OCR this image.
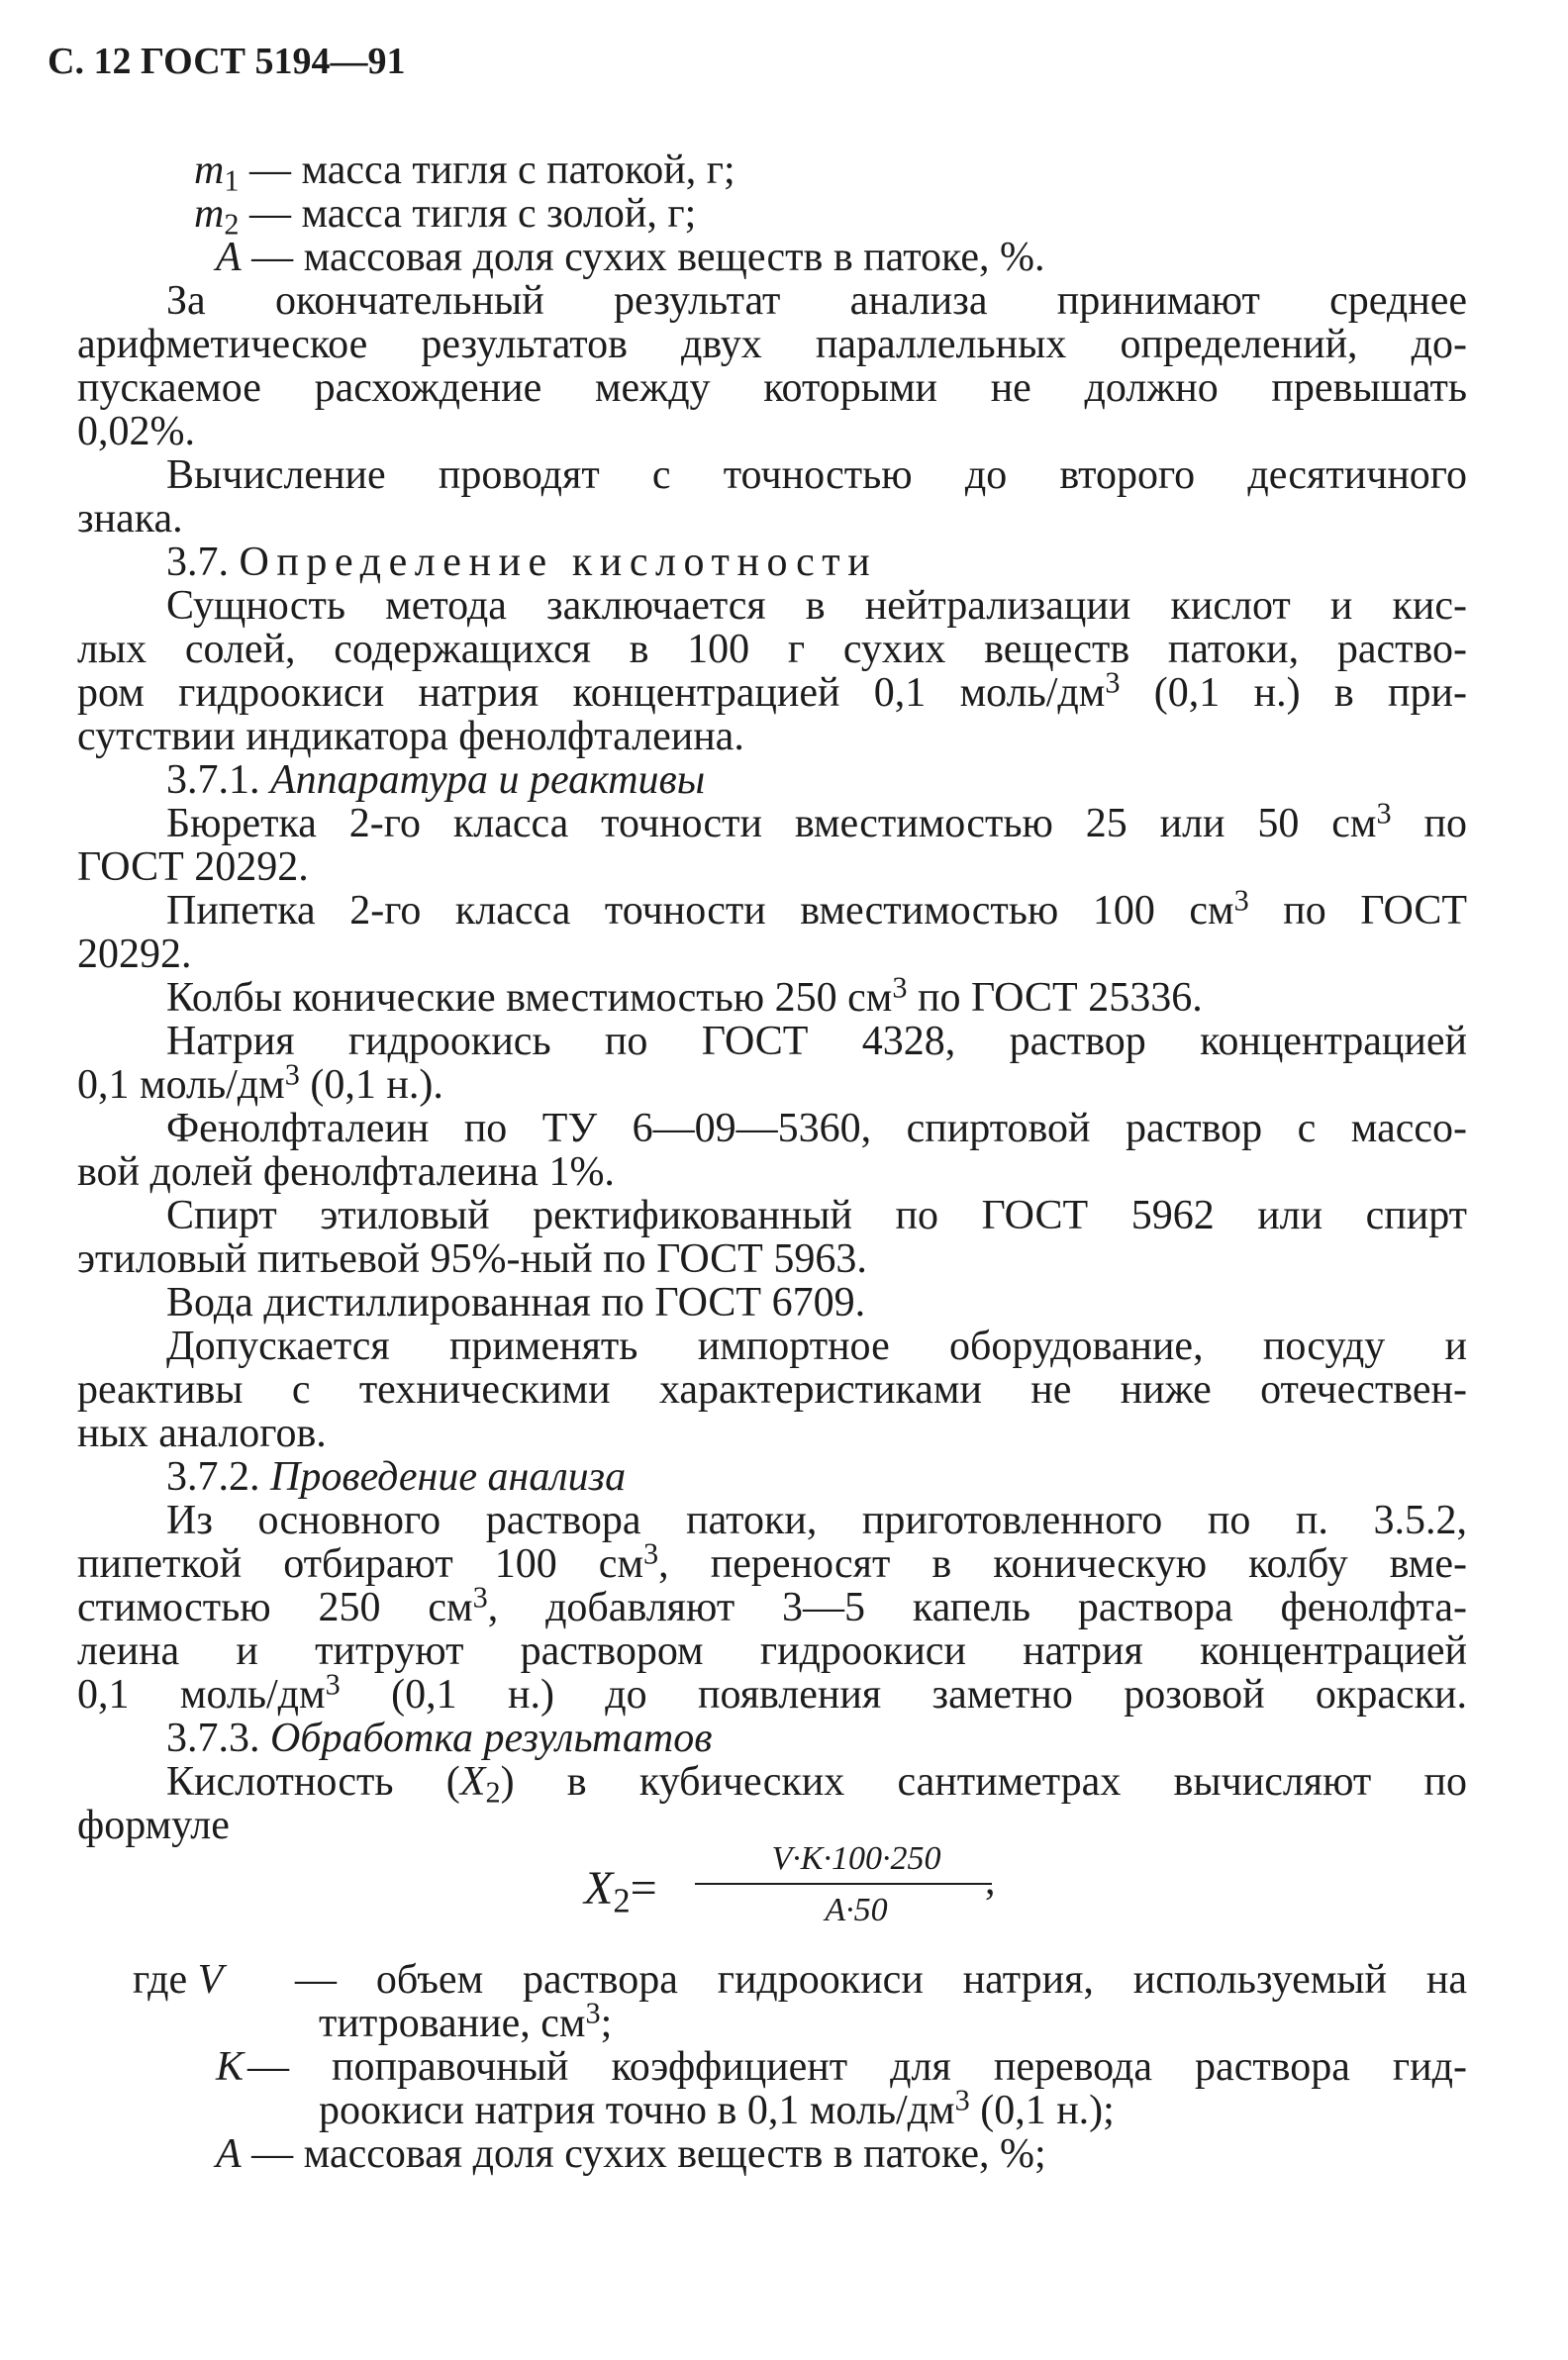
С. 12 ГОСТ 5194—91
$m_1$ — масса тигля с патокой, г;
$m_2$ — масса тигля с золой, г;
A — массовая доля сухих веществ в патоке, %.
За окончательный результат анализа принимают среднее
арифметическое результатов двух параллельных определений, до-
пускаемое расхождение между которыми не должно превышать
0,02%.
Вычисление проводят с точностью до второго десятичного
знака.
3.7. Определение кислотности
Сущность метода заключается в нейтрализации кислот и кис-
лых солей, содержащихся в 100 г сухих веществ патоки, раство-
ром гидроокиси натрия концентрацией 0,1 моль/$дм^3$ (0,1 н.) в при-
сутствии индикатора фенолфталеина.
3.7.1. Аппаратура и реактивы
Бюретка 2-го класса точности вместимостью 25 или 50 $см^3$ по
ГОСТ 20292.
Пипетка 2-го класса точности вместимостью 100 $см^3$ по ГОСТ
20292.
Колбы конические вместимостью 250 $см^3$ по ГОСТ 25336.
Натрия гидроокись по ГОСТ 4328, раствор концентрацией
0,1 моль/$дм^3$ (0,1 н.).
Фенолфталеин по ТУ 6—09—5360, спиртовой раствор с массо-
вой долей фенолфталеина 1%.
Спирт этиловый ректификованный по ГОСТ 5962 или спирт
этиловый питьевой 95%-ный по ГОСТ 5963.
Вода дистиллированная по ГОСТ 6709.
Допускается применять импортное оборудование, посуду и
реактивы с техническими характеристиками не ниже отечествен-
ных аналогов.
3.7.2. Проведение анализа
Из основного раствора патоки, приготовленного по п. 3.5.2,
пипеткой отбирают 100 $см^3$, переносят в коническую колбу вме-
стимостью 250 $см^3$, добавляют 3—5 капель раствора фенолфта-
леина и титруют раствором гидроокиси натрия концентрацией
0,1 моль/$дм^3$ (0,1 н.) до появления заметно розовой окраски.
3.7.3. Обработка результатов
Кислотность $(X_2)$ в кубических сантиметрах вычисляют по
формуле
$X_2=$
V·K·100·250
A·50
,
где V — объем раствора гидроокиси натрия, используемый на
титрование, $см^3$;
K — поправочный коэффициент для перевода раствора гид-
роокиси натрия точно в 0,1 моль/$дм^3$ (0,1 н.);
A — массовая доля сухих веществ в патоке, %;
